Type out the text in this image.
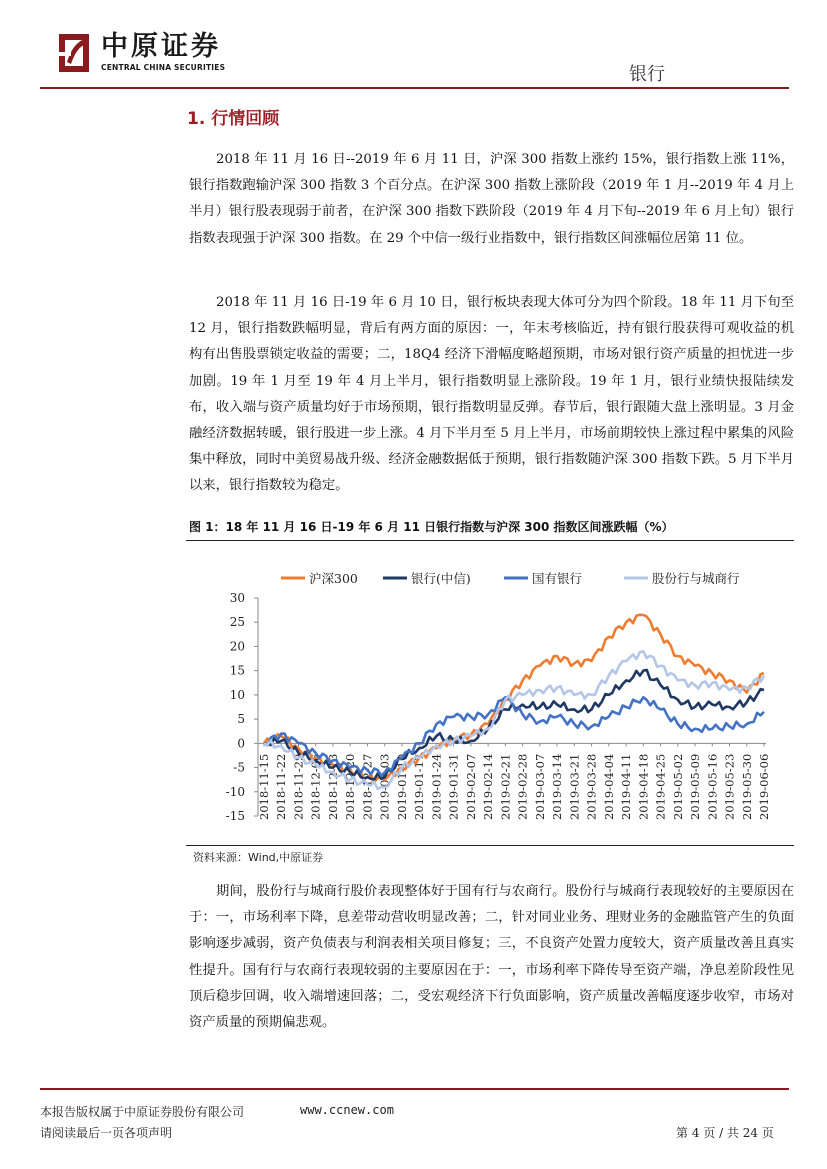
中原证券
CENTRAL CHINA SECURITIES	银行
1. 行情回顾

2018 年 11 月 16 日--2019 年 6 月 11 日，沪深 300 指数上涨约 15%，银行指数上涨 11%，银行指数跑输沪深 300 指数 3 个百分点。在沪深 300 指数上涨阶段（2019 年 1 月--2019 年 4 月上半月）银行股表现弱于前者，在沪深 300 指数下跌阶段（2019 年 4 月下旬--2019 年 6 月上旬）银行指数表现强于沪深 300 指数。在 29 个中信一级行业指数中，银行指数区间涨幅位居第 11 位。

2018 年 11 月 16 日-19 年 6 月 10 日，银行板块表现大体可分为四个阶段。18 年 11 月下旬至 12 月，银行指数跌幅明显，背后有两方面的原因：一，年末考核临近，持有银行股获得可观收益的机构有出售股票锁定收益的需要；二，18Q4 经济下滑幅度略超预期，市场对银行资产质量的担忧进一步加剧。19 年 1 月至 19 年 4 月上半月，银行指数明显上涨阶段。19 年 1 月，银行业绩快报陆续发布，收入端与资产质量均好于市场预期，银行指数明显反弹。春节后，银行跟随大盘上涨明显。3 月金融经济数据转暖，银行股进一步上涨。4 月下半月至 5 月上半月，市场前期较快上涨过程中累集的风险集中释放，同时中美贸易战升级、经济金融数据低于预期，银行指数随沪深 300 指数下跌。5 月下半月以来，银行指数较为稳定。

图 1：18 年 11 月 16 日-19 年 6 月 11 日银行指数与沪深 300 指数区间涨跌幅（%）
沪深300	银行(中信)	国有银行	股份行与城商行
30
25
20
15
10
5
0
-5
-10
-15 2018-11-15 2018-11-22 2018-11-29 2018-12-06 2018-12-13 2018-12-20 2018-12-27 2019-01-03 2019-01-10 2019-01-17 2019-01-24 2019-01-31 2019-02-07 2019-02-14 2019-02-21 2019-02-28 2019-03-07 2019-03-14 2019-03-21 2019-03-28 2019-04-04 2019-04-11 2019-04-18 2019-04-25 2019-05-02 2019-05-09 2019-05-16 2019-05-23 2019-05-30 2019-06-06
资料来源：Wind,中原证券

期间，股份行与城商行股价表现整体好于国有行与农商行。股份行与城商行表现较好的主要原因在于：一，市场利率下降，息差带动营收明显改善；二，针对同业业务、理财业务的金融监管产生的负面影响逐步减弱，资产负债表与利润表相关项目修复；三，不良资产处置力度较大，资产质量改善且真实性提升。国有行与农商行表现较弱的主要原因在于：一，市场利率下降传导至资产端，净息差阶段性见顶后稳步回调，收入端增速回落；二，受宏观经济下行负面影响，资产质量改善幅度逐步收窄，市场对资产质量的预期偏悲观。

本报告版权属于中原证券股份有限公司	www.ccnew.com
请阅读最后一页各项声明	第 4 页 / 共 24 页
